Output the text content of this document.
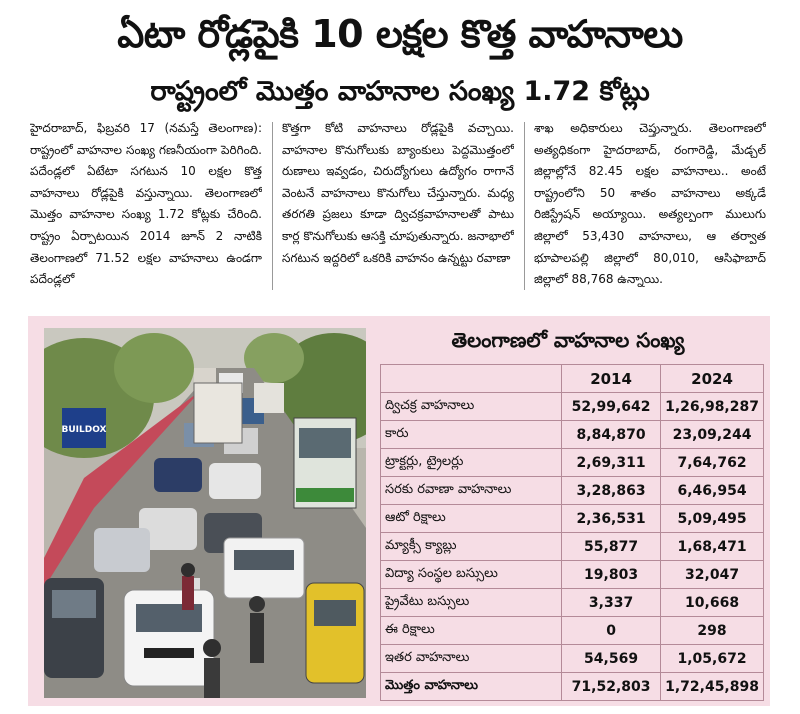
ఏటా రోడ్లపైకి 10 లక్షల కొత్త వాహనాలు
రాష్ట్రంలో మొత్తం వాహనాల సంఖ్య 1.72 కోట్లు
హైదరాబాద్, ఫిబ్రవరి 17 (నమస్తే తెలంగాణ): రాష్ట్రంలో వాహనాల సంఖ్య గణనీయంగా పెరిగింది. పదేండ్లలో ఏటేటా సగటున 10 లక్షల కొత్త వాహనాలు రోడ్లపైకి వస్తున్నాయి. తెలంగాణలో మొత్తం వాహనాల సంఖ్య 1.72 కోట్లకు చేరింది. రాష్ట్రం ఏర్పాటయిన 2014 జూన్ 2 నాటికి తెలంగాణలో 71.52 లక్షల వాహనాలు ఉండగా పదేండ్లలో
కొత్తగా కోటి వాహనాలు రోడ్లపైకి వచ్చాయి. వాహనాల కొనుగోలుకు బ్యాంకులు పెద్దమొత్తంలో రుణాలు ఇవ్వడం, చిరుద్యోగులు ఉద్యోగం రాగానే వెంటనే వాహనాలు కొనుగోలు చేస్తున్నారు. మధ్య తరగతి ప్రజలు కూడా ద్విచక్రవాహనాలతో పాటు కార్ల కొనుగోలుకు ఆసక్తి చూపుతున్నారు. జనాభాలో సగటున ఇద్దరిలో ఒకరికి వాహనం ఉన్నట్టు రవాణా
శాఖ అధికారులు చెప్తున్నారు. తెలంగాణలో అత్యధికంగా హైదరాబాద్, రంగారెడ్డి, మేడ్చల్ జిల్లాల్లోనే 82.45 లక్షల వాహనాలు.. అంటే రాష్ట్రంలోని 50 శాతం వాహనాలు అక్కడే రిజిస్ట్రేషన్ అయ్యాయి. అత్యల్పంగా ములుగు జిల్లాలో 53,430 వాహనాలు, ఆ తర్వాత భూపాలపల్లి జిల్లాలో 80,010, ఆసిఫాబాద్ జిల్లాలో 88,768 ఉన్నాయి.
BUILDOX
తెలంగాణలో వాహనాల సంఖ్య
	2014	2024
ద్విచక్ర వాహనాలు	52,99,642	1,26,98,287
కారు	8,84,870	23,09,244
ట్రాక్టర్లు, ట్రైలర్లు	2,69,311	7,64,762
సరకు రవాణా వాహనాలు	3,28,863	6,46,954
ఆటో రిక్షాలు	2,36,531	5,09,495
మ్యాక్సీ క్యాబ్లు	55,877	1,68,471
విద్యా సంస్థల బస్సులు	19,803	32,047
ప్రైవేటు బస్సులు	3,337	10,668
ఈ రిక్షాలు	0	298
ఇతర వాహనాలు	54,569	1,05,672
మొత్తం వాహనాలు	71,52,803	1,72,45,898
